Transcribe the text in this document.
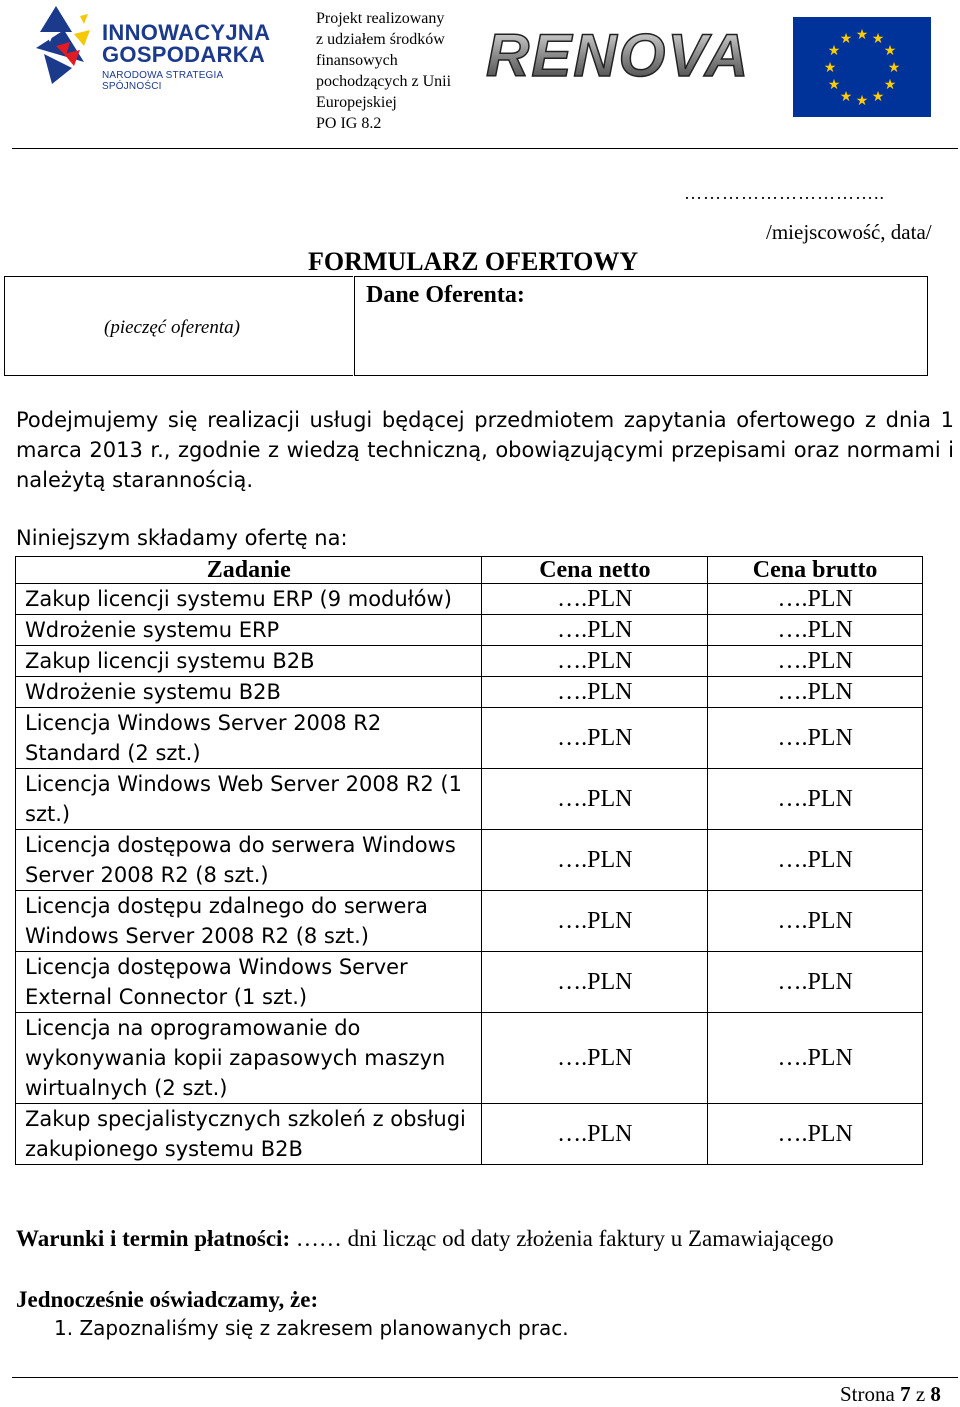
INNOWACYJNA
GOSPODARKA
NARODOWA STRATEGIA SPÓJNOŚCI
Projekt realizowany
z udziałem środków
finansowych
pochodzących z Unii
Europejskiej
PO IG 8.2
RENOVA	★ ★
★
★
★
★
★
★
★
★
★
★
…………………………..
/miejscowość, data/
FORMULARZ OFERTOWY
(pieczęć oferenta)
Dane Oferenta:
Podejmujemy się realizacji usługi będącej przedmiotem zapytania ofertowego z dnia 1 marca 2013 r., zgodnie z wiedzą techniczną, obowiązującymi przepisami oraz normami i należytą starannością.
Niniejszym składamy ofertę na:
Zadanie	Cena netto	Cena brutto
Zakup licencji systemu ERP (9 modułów)	….PLN	….PLN
Wdrożenie systemu ERP	….PLN	….PLN
Zakup licencji systemu B2B	….PLN	….PLN
Wdrożenie systemu B2B	….PLN	….PLN
Licencja Windows Server 2008 R2 Standard (2 szt.)	….PLN	….PLN
Licencja Windows Web Server 2008 R2 (1 szt.)	….PLN	….PLN
Licencja dostępowa do serwera Windows Server 2008 R2 (8 szt.)	….PLN	….PLN
Licencja dostępu zdalnego do serwera Windows Server 2008 R2 (8 szt.)	….PLN	….PLN
Licencja dostępowa Windows Server External Connector (1 szt.)	….PLN	….PLN
Licencja na oprogramowanie do wykonywania kopii zapasowych maszyn wirtualnych (2 szt.)	….PLN	….PLN
Zakup specjalistycznych szkoleń z obsługi zakupionego systemu B2B	….PLN	….PLN
Warunki i termin płatności: …… dni licząc od daty złożenia faktury u Zamawiającego
Jednocześnie oświadczamy, że:
1. Zapoznaliśmy się z zakresem planowanych prac.
Strona 7 z 8
